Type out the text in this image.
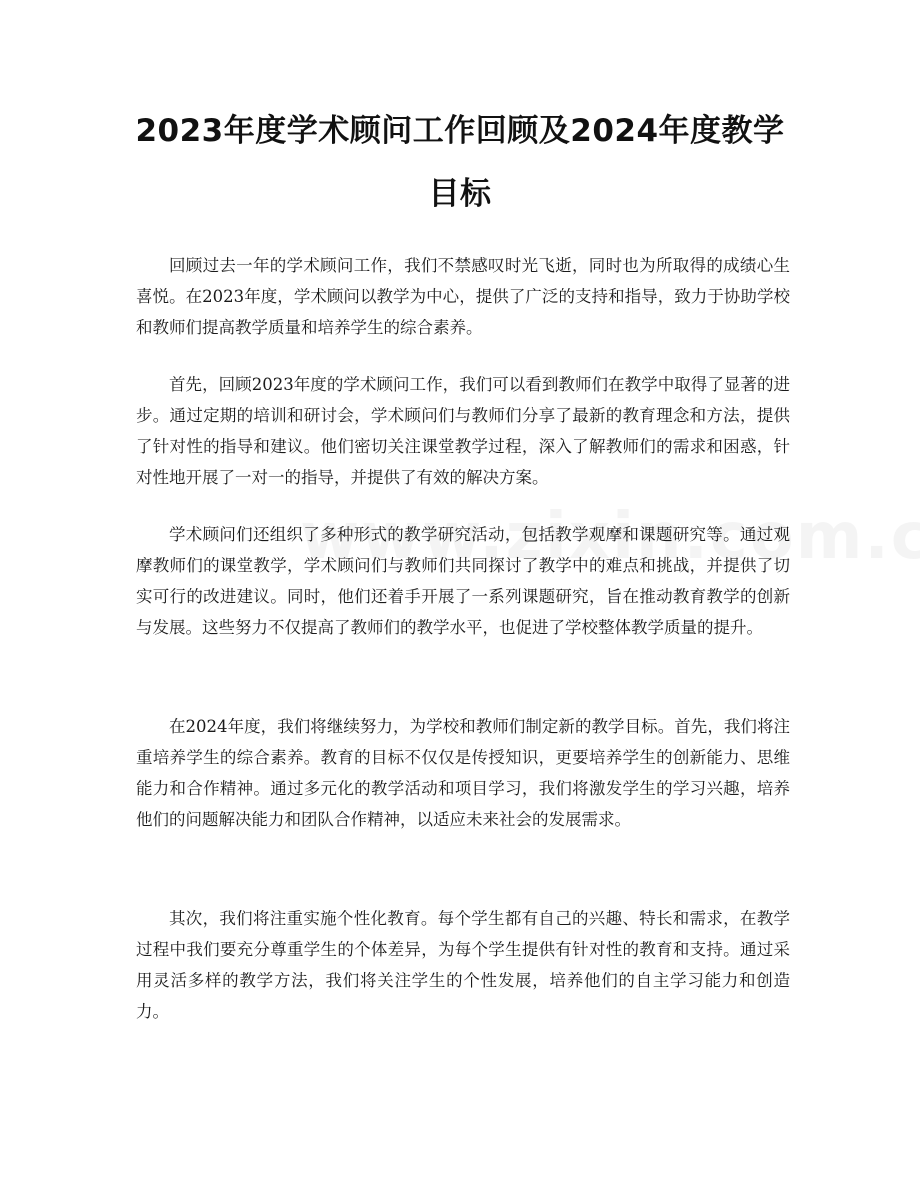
2023年度学术顾问工作回顾及2024年度教学目标

回顾过去一年的学术顾问工作，我们不禁感叹时光飞逝，同时也为所取得的成绩心生喜悦。在2023年度，学术顾问以教学为中心，提供了广泛的支持和指导，致力于协助学校和教师们提高教学质量和培养学生的综合素养。

首先，回顾2023年度的学术顾问工作，我们可以看到教师们在教学中取得了显著的进步。通过定期的培训和研讨会，学术顾问们与教师们分享了最新的教育理念和方法，提供了针对性的指导和建议。他们密切关注课堂教学过程，深入了解教师们的需求和困惑，针对性地开展了一对一的指导，并提供了有效的解决方案。

学术顾问们还组织了多种形式的教学研究活动，包括教学观摩和课题研究等。通过观摩教师们的课堂教学，学术顾问们与教师们共同探讨了教学中的难点和挑战，并提供了切实可行的改进建议。同时，他们还着手开展了一系列课题研究，旨在推动教育教学的创新与发展。这些努力不仅提高了教师们的教学水平，也促进了学校整体教学质量的提升。

在2024年度，我们将继续努力，为学校和教师们制定新的教学目标。首先，我们将注重培养学生的综合素养。教育的目标不仅仅是传授知识，更要培养学生的创新能力、思维能力和合作精神。通过多元化的教学活动和项目学习，我们将激发学生的学习兴趣，培养他们的问题解决能力和团队合作精神，以适应未来社会的发展需求。

其次，我们将注重实施个性化教育。每个学生都有自己的兴趣、特长和需求，在教学过程中我们要充分尊重学生的个体差异，为每个学生提供有针对性的教育和支持。通过采用灵活多样的教学方法，我们将关注学生的个性发展，培养他们的自主学习能力和创造力。
